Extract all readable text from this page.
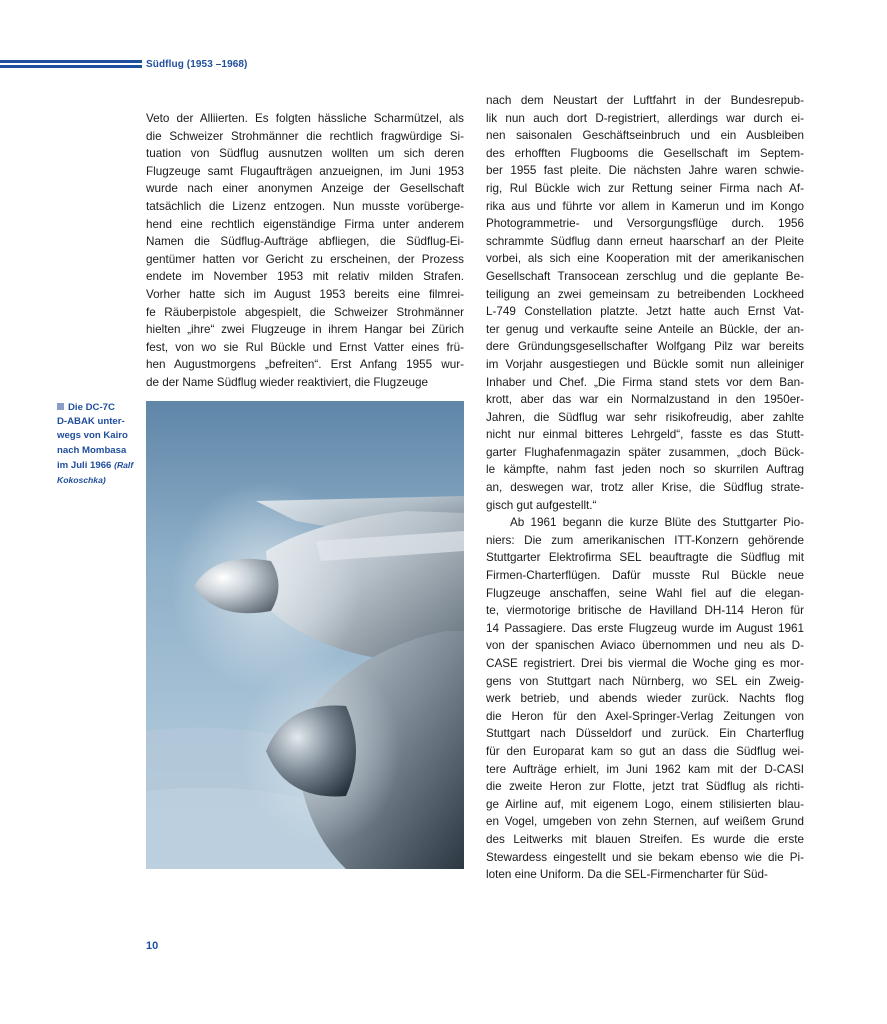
Südflug (1953 –1968)
Veto der Alliierten. Es folgten hässliche Scharmützel, als
die Schweizer Strohmänner die rechtlich fragwürdige Si-
tuation von Südflug ausnutzen wollten um sich deren
Flugzeuge samt Flugaufträgen anzueignen, im Juni 1953
wurde nach einer anonymen Anzeige der Gesellschaft
tatsächlich die Lizenz entzogen. Nun musste vorüberge-
hend eine rechtlich eigenständige Firma unter anderem
Namen die Südflug-Aufträge abfliegen, die Südflug-Ei-
gentümer hatten vor Gericht zu erscheinen, der Prozess
endete im November 1953 mit relativ milden Strafen.
Vorher hatte sich im August 1953 bereits eine filmrei-
fe Räuberpistole abgespielt, die Schweizer Strohmänner
hielten „ihre“ zwei Flugzeuge in ihrem Hangar bei Zürich
fest, von wo sie Rul Bückle und Ernst Vatter eines frü-
hen Augustmorgens „befreiten“. Erst Anfang 1955 wur-
de der Name Südflug wieder reaktiviert, die Flugzeuge
nach dem Neustart der Luftfahrt in der Bundesrepub-
lik nun auch dort D-registriert, allerdings war durch ei-
nen saisonalen Geschäftseinbruch und ein Ausbleiben
des erhofften Flugbooms die Gesellschaft im Septem-
ber 1955 fast pleite. Die nächsten Jahre waren schwie-
rig, Rul Bückle wich zur Rettung seiner Firma nach Af-
rika aus und führte vor allem in Kamerun und im Kongo
Photogrammetrie- und Versorgungsflüge durch. 1956
schrammte Südflug dann erneut haarscharf an der Pleite
vorbei, als sich eine Kooperation mit der amerikanischen
Gesellschaft Transocean zerschlug und die geplante Be-
teiligung an zwei gemeinsam zu betreibenden Lockheed
L-749 Constellation platzte. Jetzt hatte auch Ernst Vat-
ter genug und verkaufte seine Anteile an Bückle, der an-
dere Gründungsgesellschafter Wolfgang Pilz war bereits
im Vorjahr ausgestiegen und Bückle somit nun alleiniger
Inhaber und Chef. „Die Firma stand stets vor dem Ban-
krott, aber das war ein Normalzustand in den 1950er-
Jahren, die Südflug war sehr risikofreudig, aber zahlte
nicht nur einmal bitteres Lehrgeld“, fasste es das Stutt-
garter Flughafenmagazin später zusammen, „doch Bück-
le kämpfte, nahm fast jeden noch so skurrilen Auftrag
an, deswegen war, trotz aller Krise, die Südflug strate-
gisch gut aufgestellt.“
Ab 1961 begann die kurze Blüte des Stuttgarter Pio-
niers: Die zum amerikanischen ITT-Konzern gehörende
Stuttgarter Elektrofirma SEL beauftragte die Südflug mit
Firmen-Charterflügen. Dafür musste Rul Bückle neue
Flugzeuge anschaffen, seine Wahl fiel auf die elegan-
te, viermotorige britische de Havilland DH-114 Heron für
14 Passagiere. Das erste Flugzeug wurde im August 1961
von der spanischen Aviaco übernommen und neu als D-
CASE registriert. Drei bis viermal die Woche ging es mor-
gens von Stuttgart nach Nürnberg, wo SEL ein Zweig-
werk betrieb, und abends wieder zurück. Nachts flog
die Heron für den Axel-Springer-Verlag Zeitungen von
Stuttgart nach Düsseldorf und zurück. Ein Charterflug
für den Europarat kam so gut an dass die Südflug wei-
tere Aufträge erhielt, im Juni 1962 kam mit der D-CASI
die zweite Heron zur Flotte, jetzt trat Südflug als richti-
ge Airline auf, mit eigenem Logo, einem stilisierten blau-
en Vogel, umgeben von zehn Sternen, auf weißem Grund
des Leitwerks mit blauen Streifen. Es wurde die erste
Stewardess eingestellt und sie bekam ebenso wie die Pi-
loten eine Uniform. Da die SEL-Firmencharter für Süd-
Die DC-7C
D-ABAK unter-
wegs von Kairo
nach Mombasa
im Juli 1966 (Ralf
Kokoschka)
10
